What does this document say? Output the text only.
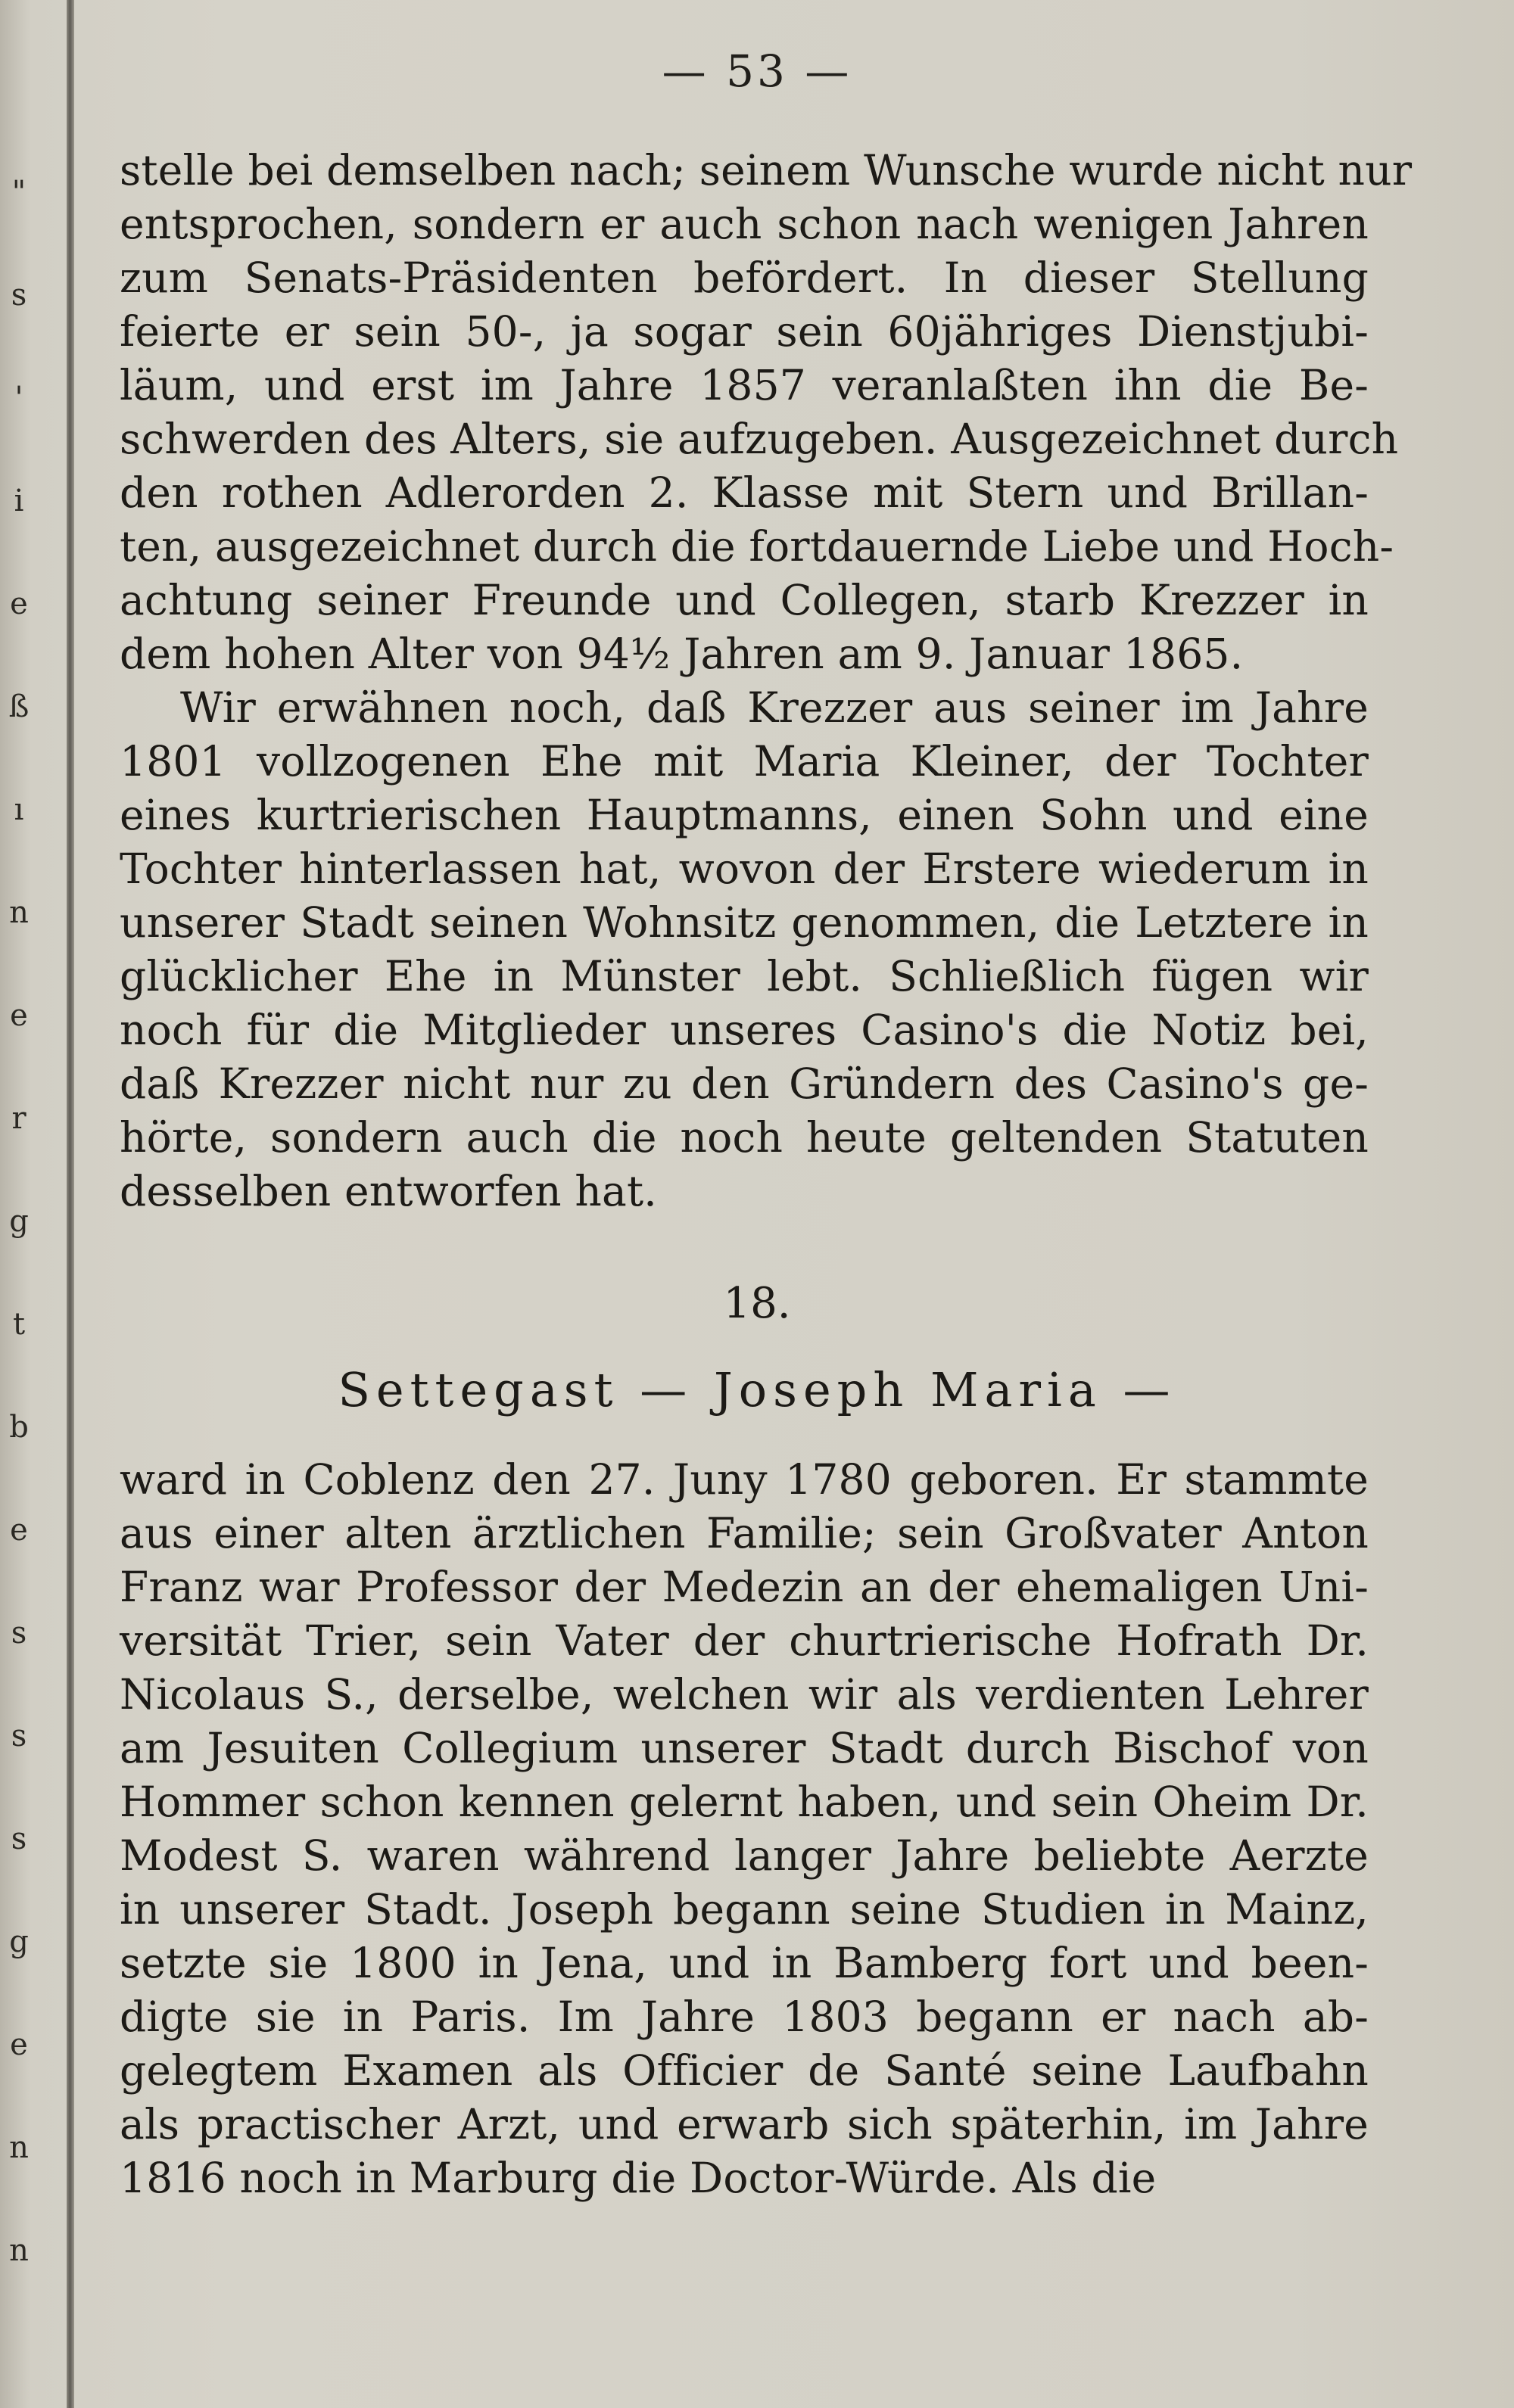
"
s
'
i
e
ß
ı
n
e
r
g
t
b
e
s
s
s
g
e
n
n
— 53 —
stelle bei demselben nach; seinem Wunsche wurde nicht nur
entsprochen, sondern er auch schon nach wenigen Jahren
zum Senats-Präsidenten befördert. In dieser Stellung
feierte er sein 50-, ja sogar sein 60jähriges Dienstjubi-
läum, und erst im Jahre 1857 veranlaßten ihn die Be-
schwerden des Alters, sie aufzugeben. Ausgezeichnet durch
den rothen Adlerorden 2. Klasse mit Stern und Brillan-
ten, ausgezeichnet durch die fortdauernde Liebe und Hoch-
achtung seiner Freunde und Collegen, starb Krezzer in
dem hohen Alter von 94½ Jahren am 9. Januar 1865.
Wir erwähnen noch, daß Krezzer aus seiner im Jahre
1801 vollzogenen Ehe mit Maria Kleiner, der Tochter
eines kurtrierischen Hauptmanns, einen Sohn und eine
Tochter hinterlassen hat, wovon der Erstere wiederum in
unserer Stadt seinen Wohnsitz genommen, die Letztere in
glücklicher Ehe in Münster lebt. Schließlich fügen wir
noch für die Mitglieder unseres Casino's die Notiz bei,
daß Krezzer nicht nur zu den Gründern des Casino's ge-
hörte, sondern auch die noch heute geltenden Statuten
desselben entworfen hat.
18.
Settegast — Joseph Maria —
ward in Coblenz den 27. Juny 1780 geboren. Er stammte
aus einer alten ärztlichen Familie; sein Großvater Anton
Franz war Professor der Medezin an der ehemaligen Uni-
versität Trier, sein Vater der churtrierische Hofrath Dr.
Nicolaus S., derselbe, welchen wir als verdienten Lehrer
am Jesuiten Collegium unserer Stadt durch Bischof von
Hommer schon kennen gelernt haben, und sein Oheim Dr.
Modest S. waren während langer Jahre beliebte Aerzte
in unserer Stadt. Joseph begann seine Studien in Mainz,
setzte sie 1800 in Jena, und in Bamberg fort und been-
digte sie in Paris. Im Jahre 1803 begann er nach ab-
gelegtem Examen als Officier de Santé seine Laufbahn
als practischer Arzt, und erwarb sich späterhin, im Jahre
1816 noch in Marburg die Doctor-Würde. Als die
